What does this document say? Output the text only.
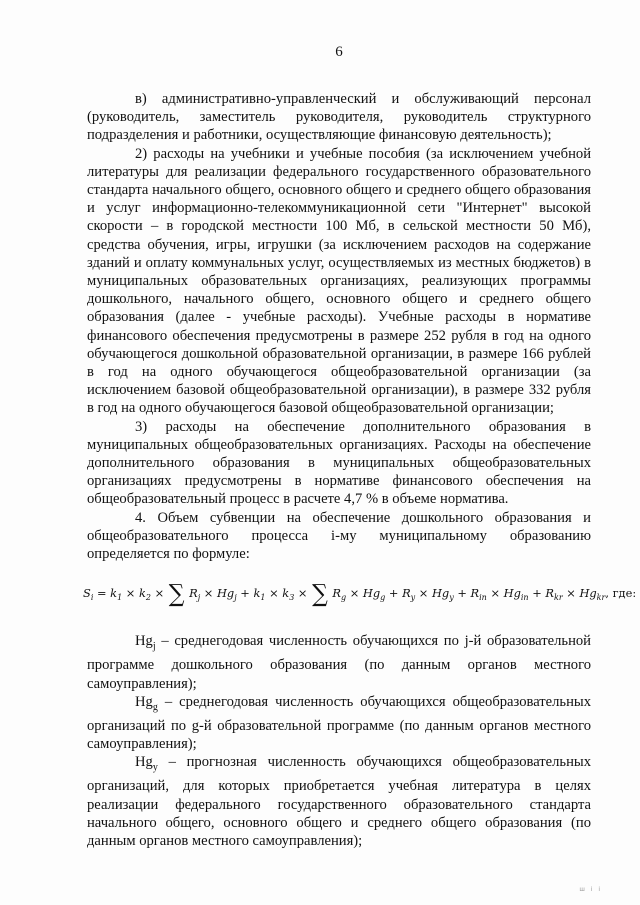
6

в) административно-управленческий и обслуживающий персонал (руководитель, заместитель руководителя, руководитель структурного подразделения и работники, осуществляющие финансовую деятельность);

2) расходы на учебники и учебные пособия (за исключением учебной литературы для реализации федерального государственного образовательного стандарта начального общего, основного общего и среднего общего образования и услуг информационно-телекоммуникационной сети "Интернет" высокой скорости – в городской местности 100 Мб, в сельской местности 50 Мб), средства обучения, игры, игрушки (за исключением расходов на содержание зданий и оплату коммунальных услуг, осуществляемых из местных бюджетов) в муниципальных образовательных организациях, реализующих программы дошкольного, начального общего, основного общего и среднего общего образования (далее - учебные расходы). Учебные расходы в нормативе финансового обеспечения предусмотрены в размере 252 рубля в год на одного обучающегося дошкольной образовательной организации, в размере 166 рублей в год на одного обучающегося общеобразовательной организации (за исключением базовой общеобразовательной организации), в размере 332 рубля в год на одного обучающегося базовой общеобразовательной организации;

3) расходы на обеспечение дополнительного образования в муниципальных общеобразовательных организациях. Расходы на обеспечение дополнительного образования в муниципальных общеобразовательных организациях предусмотрены в нормативе финансового обеспечения на общеобразовательный процесс в расчете 4,7 % в объеме норматива.

4. Объем субвенции на обеспечение дошкольного образования и общеобразовательного процесса i-му муниципальному образованию определяется по формуле:

$S_i = k_1 \times k_2$ × ∑ $R_j \times Hg_j + k_1 \times k_3$ × ∑ $R_g \times Hg_g + R_y \times Hg_y + R_{in} \times Hg_{in} + R_{kr} \times Hg_{kr}$, где:

$Hg_j$ – среднегодовая численность обучающихся по j-й образовательной программе дошкольного образования (по данным органов местного самоуправления);

$Hg_g$ – среднегодовая численность обучающихся общеобразовательных организаций по g-й образовательной программе (по данным органов местного самоуправления);

$Hg_y$ – прогнозная численность обучающихся общеобразовательных организаций, для которых приобретается учебная литература в целях реализации федерального государственного образовательного стандарта начального общего, основного общего и среднего общего образования (по данным органов местного самоуправления);

ш і і
